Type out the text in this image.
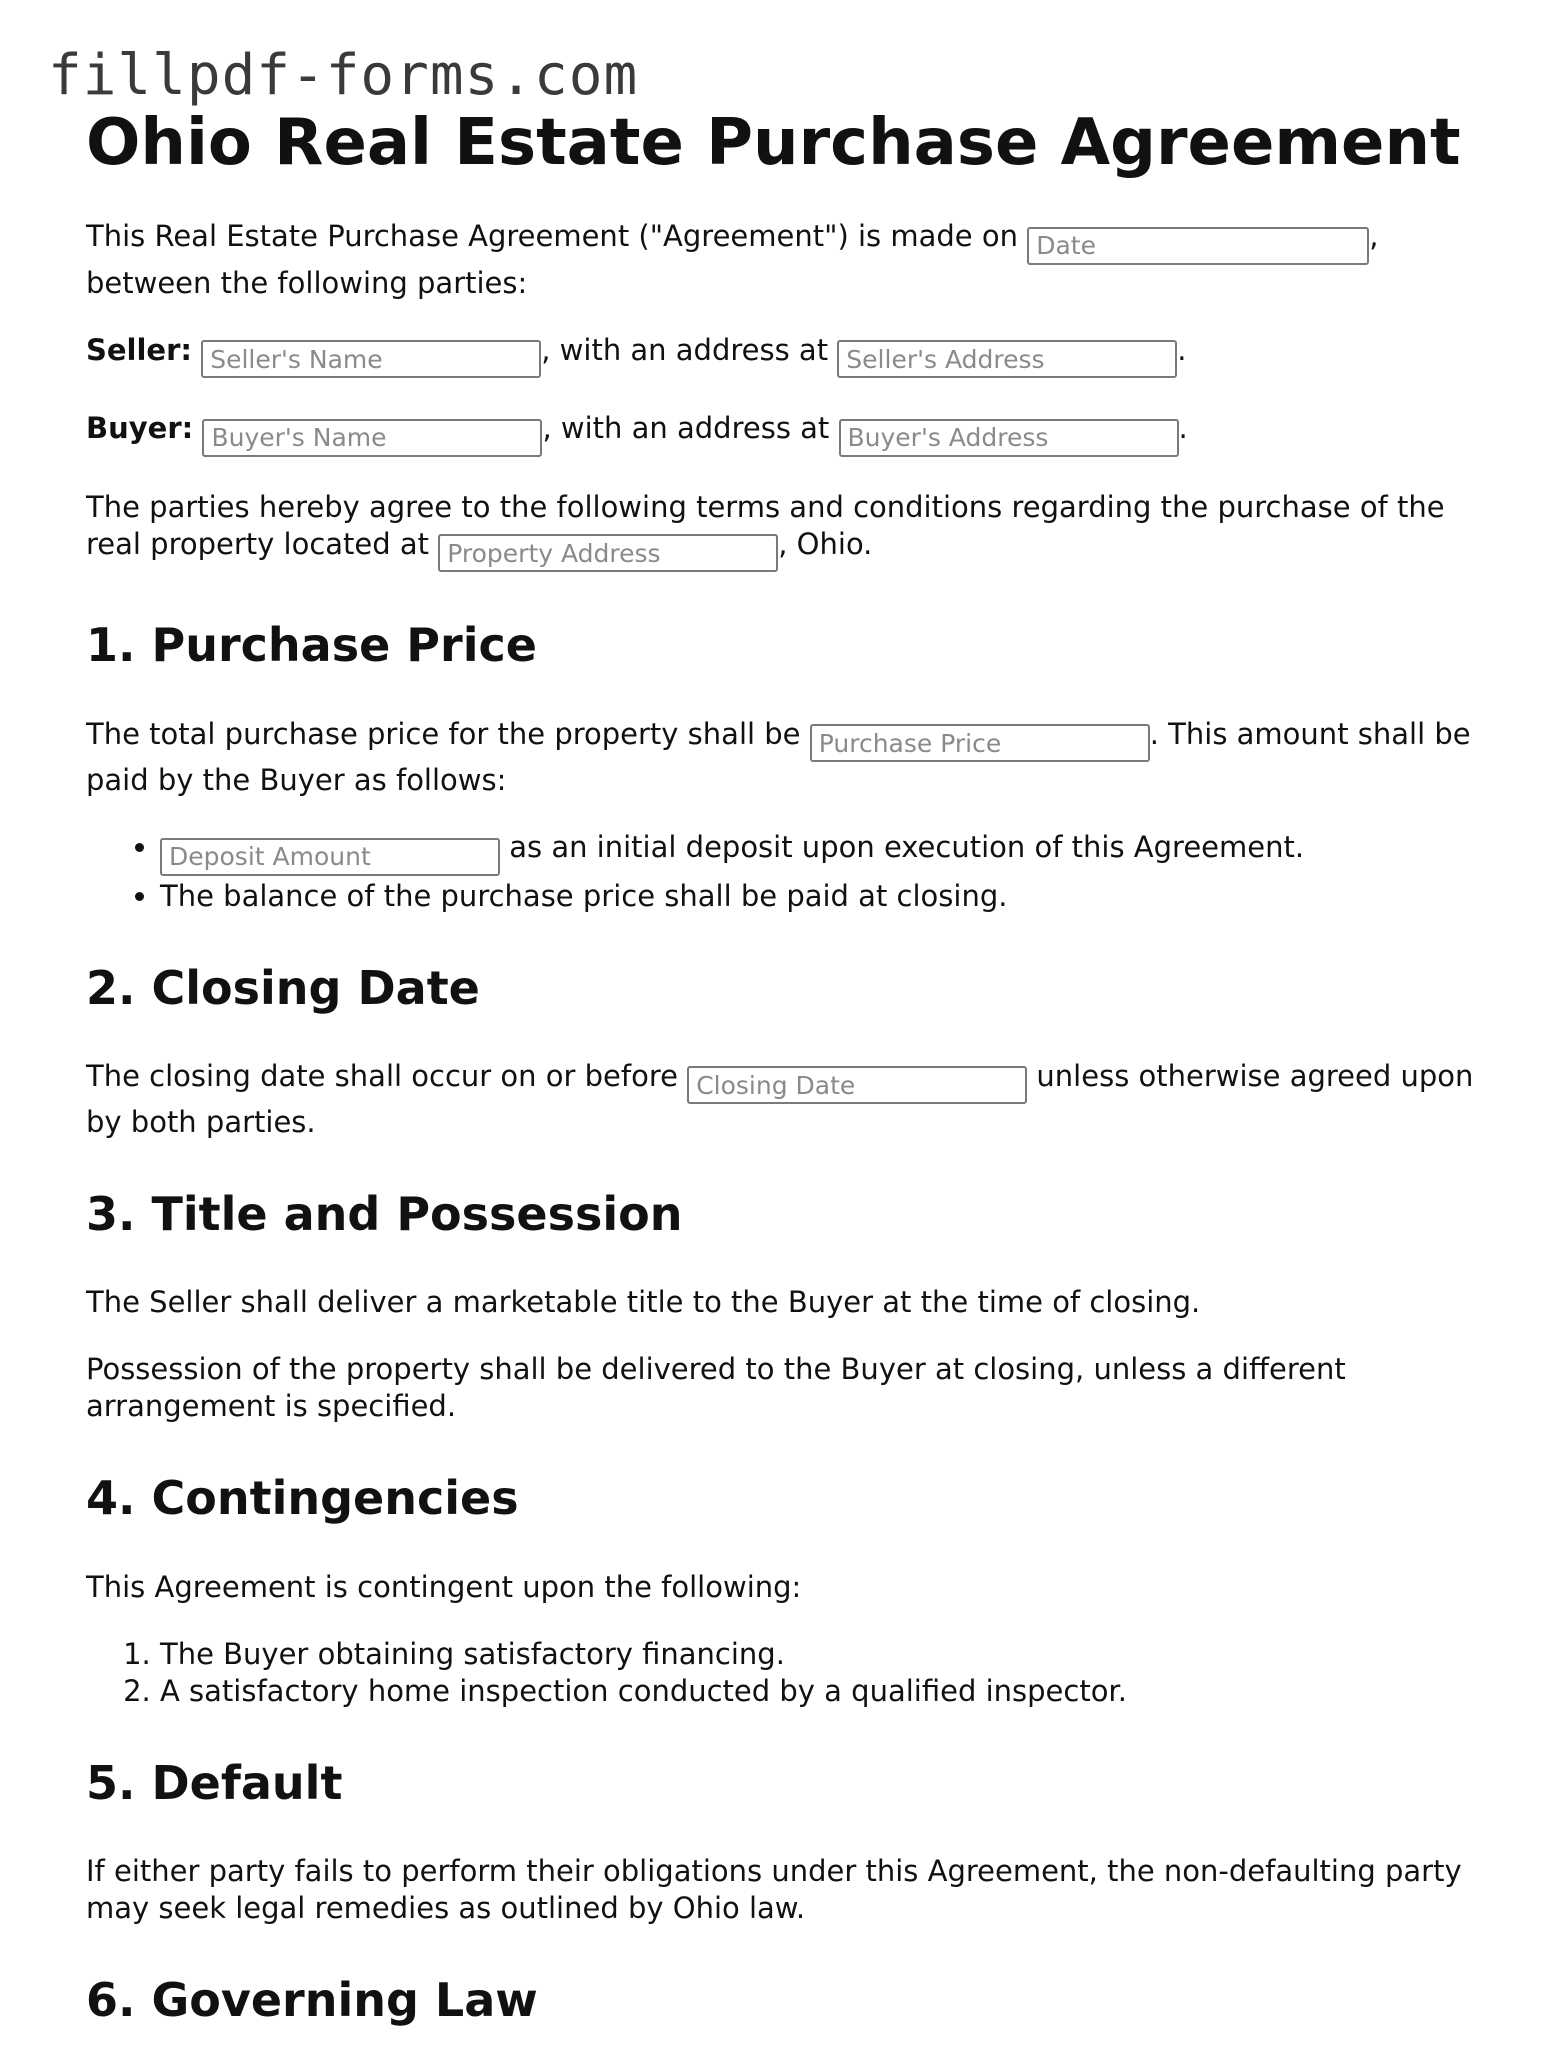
fillpdf-forms.com
Ohio Real Estate Purchase Agreement

This Real Estate Purchase Agreement ("Agreement") is made on Date	, between the following parties:

Seller: Seller's Name	, with an address at Seller's Address	.
Buyer: Buyer's Name	, with an address at Buyer's Address	.

The parties hereby agree to the following terms and conditions regarding the purchase of the real property located at Property Address	, Ohio.

1. Purchase Price

The total purchase price for the property shall be Purchase Price	. This amount shall be paid by the Buyer as follows:

Deposit Amount • as an initial deposit upon execution of this Agreement.
• The balance of the purchase price shall be paid at closing.
2. Closing Date

The closing date shall occur on or before Closing Date	unless otherwise agreed upon by both parties.

3. Title and Possession

The Seller shall deliver a marketable title to the Buyer at the time of closing.

Possession of the property shall be delivered to the Buyer at closing, unless a different arrangement is specified.

4. Contingencies

This Agreement is contingent upon the following:

1. The Buyer obtaining satisfactory financing.
2. A satisfactory home inspection conducted by a qualified inspector.
5. Default

If either party fails to perform their obligations under this Agreement, the non-defaulting party may seek legal remedies as outlined by Ohio law.

6. Governing Law
